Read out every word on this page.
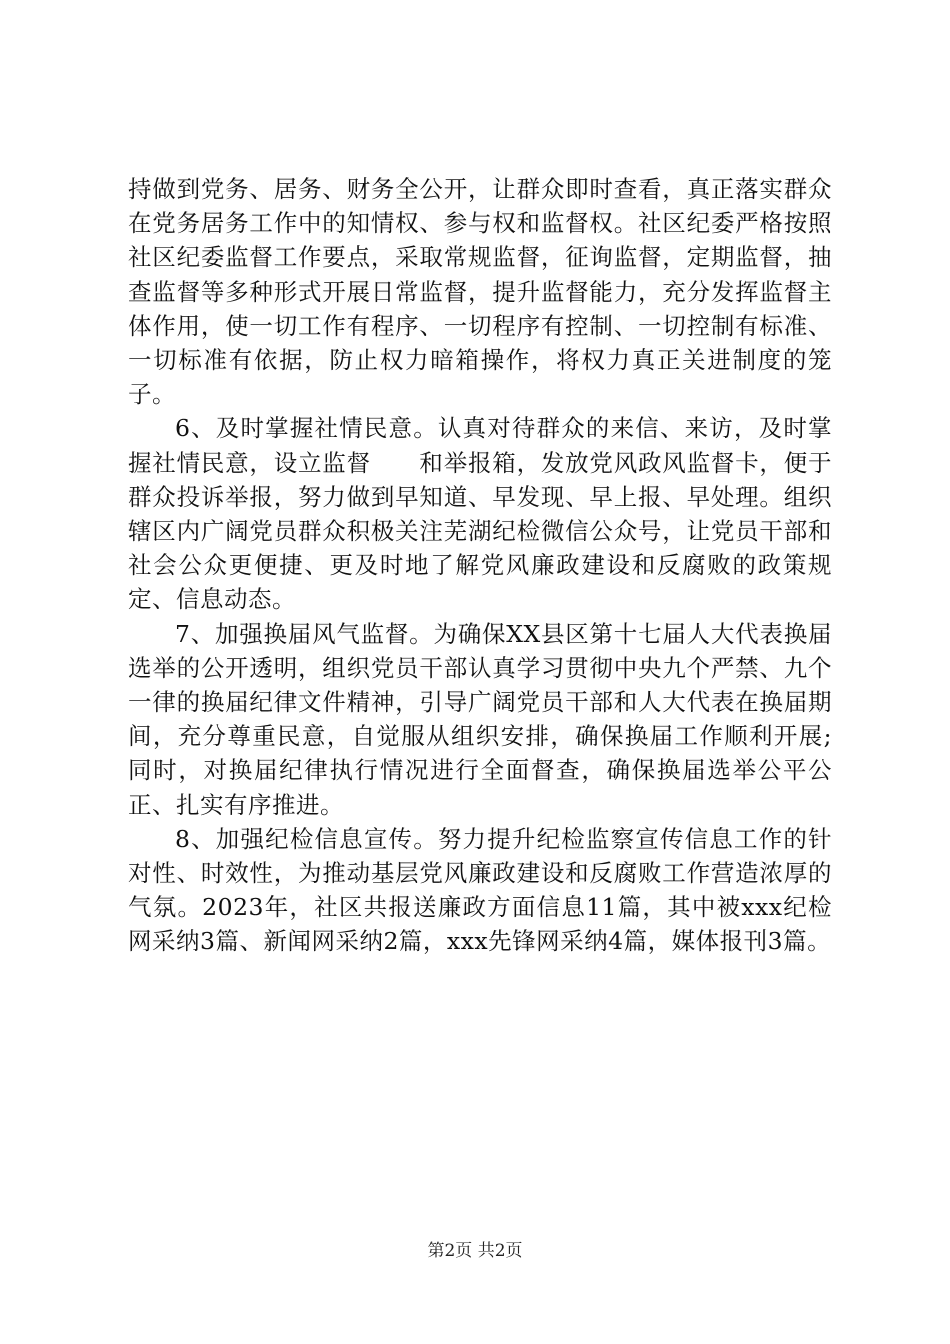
持做到党务、居务、财务全公开，让群众即时查看，真正落实群众在党务居务工作中的知情权、参与权和监督权。社区纪委严格按照社区纪委监督工作要点，采取常规监督，征询监督，定期监督，抽查监督等多种形式开展日常监督，提升监督能力，充分发挥监督主体作用，使一切工作有程序、一切程序有控制、一切控制有标准、一切标准有依据，防止权力暗箱操作，将权力真正关进制度的笼子。

6、及时掌握社情民意。认真对待群众的来信、来访，及时掌握社情民意，设立监督　　和举报箱，发放党风政风监督卡，便于群众投诉举报，努力做到早知道、早发现、早上报、早处理。组织辖区内广阔党员群众积极关注芜湖纪检微信公众号，让党员干部和社会公众更便捷、更及时地了解党风廉政建设和反腐败的政策规定、信息动态。

7、加强换届风气监督。为确保XX县区第十七届人大代表换届选举的公开透明，组织党员干部认真学习贯彻中央九个严禁、九个一律的换届纪律文件精神，引导广阔党员干部和人大代表在换届期间，充分尊重民意，自觉服从组织安排，确保换届工作顺利开展;同时，对换届纪律执行情况进行全面督查，确保换届选举公平公正、扎实有序推进。

8、加强纪检信息宣传。努力提升纪检监察宣传信息工作的针对性、时效性，为推动基层党风廉政建设和反腐败工作营造浓厚的气氛。2023年，社区共报送廉政方面信息11篇，其中被xxx纪检网采纳3篇、新闻网采纳2篇，xxx先锋网采纳4篇，媒体报刊3篇。

第2页 共2页
